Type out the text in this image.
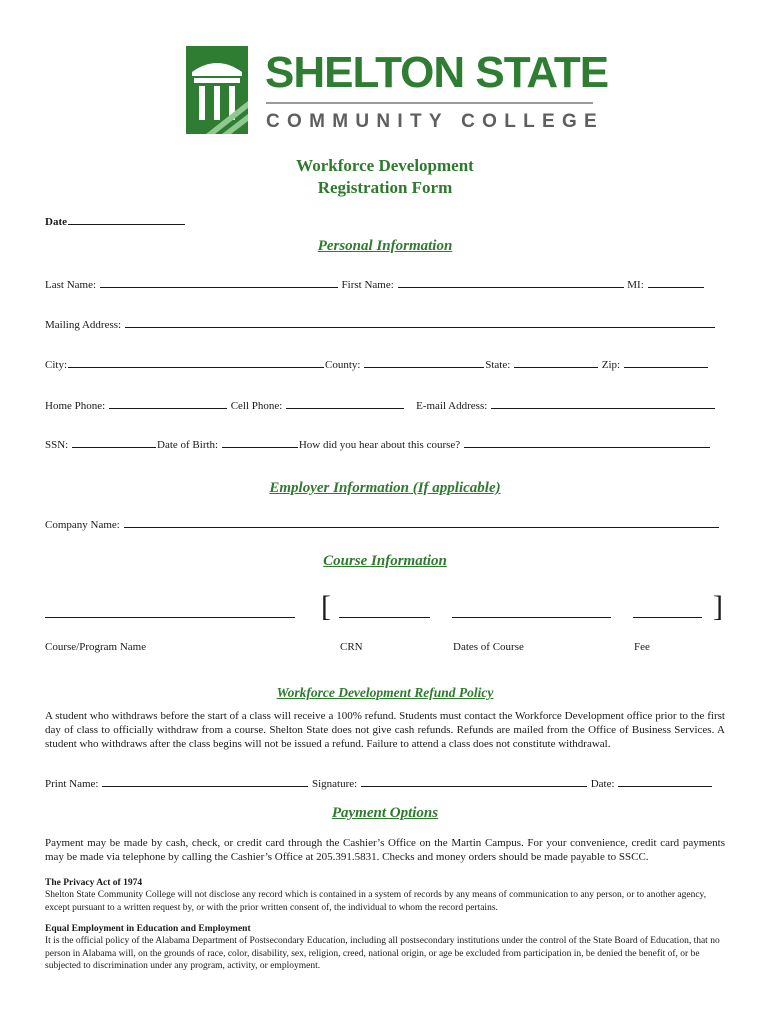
SHELTON STATE
COMMUNITY COLLEGE
Workforce Development
Registration Form
Date
Personal Information
Last Name:	First Name:	MI:
Mailing Address:
City:	County:	State:	Zip:
Home Phone:	Cell Phone:	E-mail Address:
SSN:	Date of Birth:	How did you hear about this course?
Employer Information (If applicable)
Company Name:
Course Information
[	]
Course/Program Name	CRN	Dates of Course	Fee
Workforce Development Refund Policy
A student who withdraws before the start of a class will receive a 100% refund. Students must contact the Workforce Development office prior to the first day of class to officially withdraw from a course. Shelton State does not give cash refunds. Refunds are mailed from the Office of Business Services. A student who withdraws after the class begins will not be issued a refund. Failure to attend a class does not constitute withdrawal.
Print Name:	Signature:	Date:
Payment Options
Payment may be made by cash, check, or credit card through the Cashier’s Office on the Martin Campus. For your convenience, credit card payments may be made via telephone by calling the Cashier’s Office at 205.391.5831. Checks and money orders should be made payable to SSCC.
The Privacy Act of 1974
Shelton State Community College will not disclose any record which is contained in a system of records by any means of communication to any person, or to another agency, except pursuant to a written request by, or with the prior written consent of, the individual to whom the record pertains.
Equal Employment in Education and Employment
It is the official policy of the Alabama Department of Postsecondary Education, including all postsecondary institutions under the control of the State Board of Education, that no person in Alabama will, on the grounds of race, color, disability, sex, religion, creed, national origin, or age be excluded from participation in, be denied the benefit of, or be subjected to discrimination under any program, activity, or employment.
